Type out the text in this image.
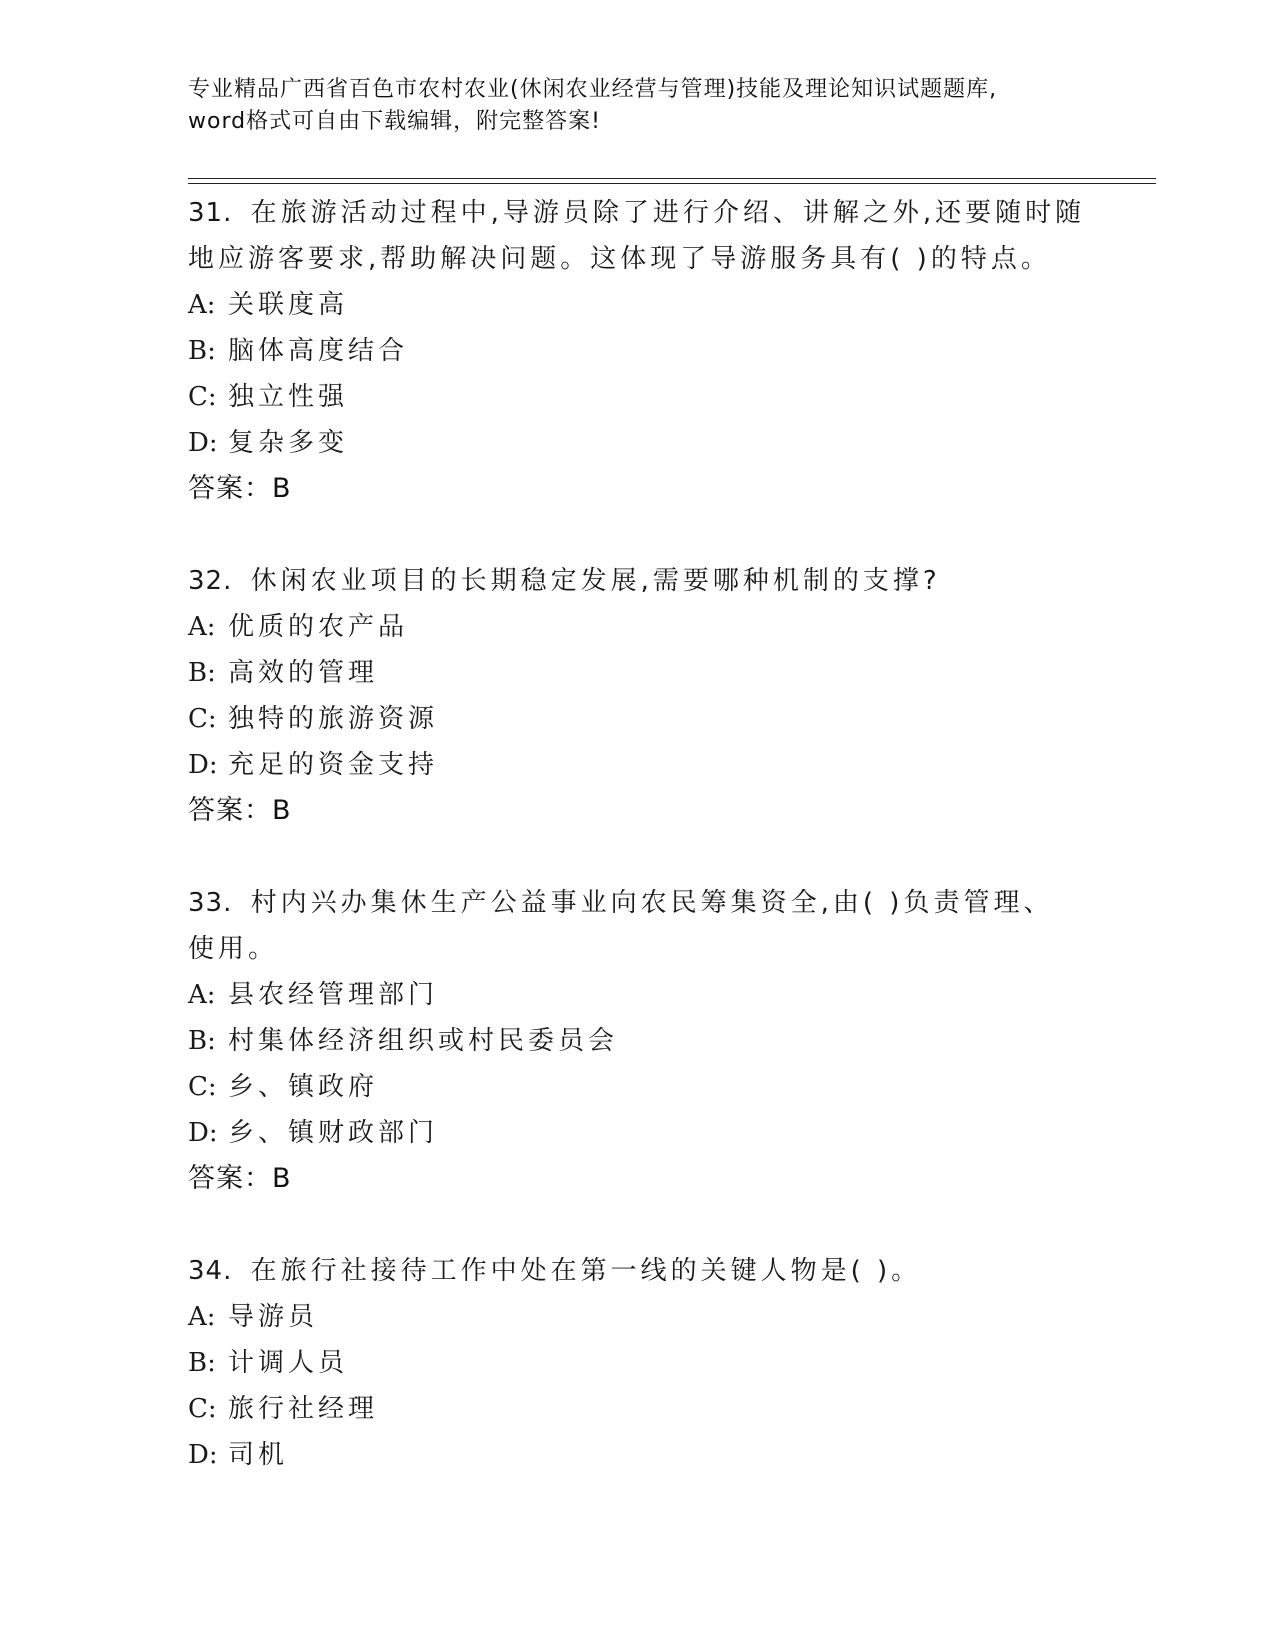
专业精品广西省百色市农村农业(休闲农业经营与管理)技能及理论知识试题题库,
word格式可自由下载编辑，附完整答案!
31. 在旅游活动过程中,导游员除了进行介绍、讲解之外,还要随时随
地应游客要求,帮助解决问题。这体现了导游服务具有( )的特点。
A: 关联度高
B: 脑体高度结合
C: 独立性强
D: 复杂多变
答案：B
32. 休闲农业项目的长期稳定发展,需要哪种机制的支撑?
A: 优质的农产品
B: 高效的管理
C: 独特的旅游资源
D: 充足的资金支持
答案：B
33. 村内兴办集休生产公益事业向农民筹集资全,由( )负责管理、
使用。
A: 县农经管理部门
B: 村集体经济组织或村民委员会
C: 乡、镇政府
D: 乡、镇财政部门
答案：B
34. 在旅行社接待工作中处在第一线的关键人物是( )。
A: 导游员
B: 计调人员
C: 旅行社经理
D: 司机
